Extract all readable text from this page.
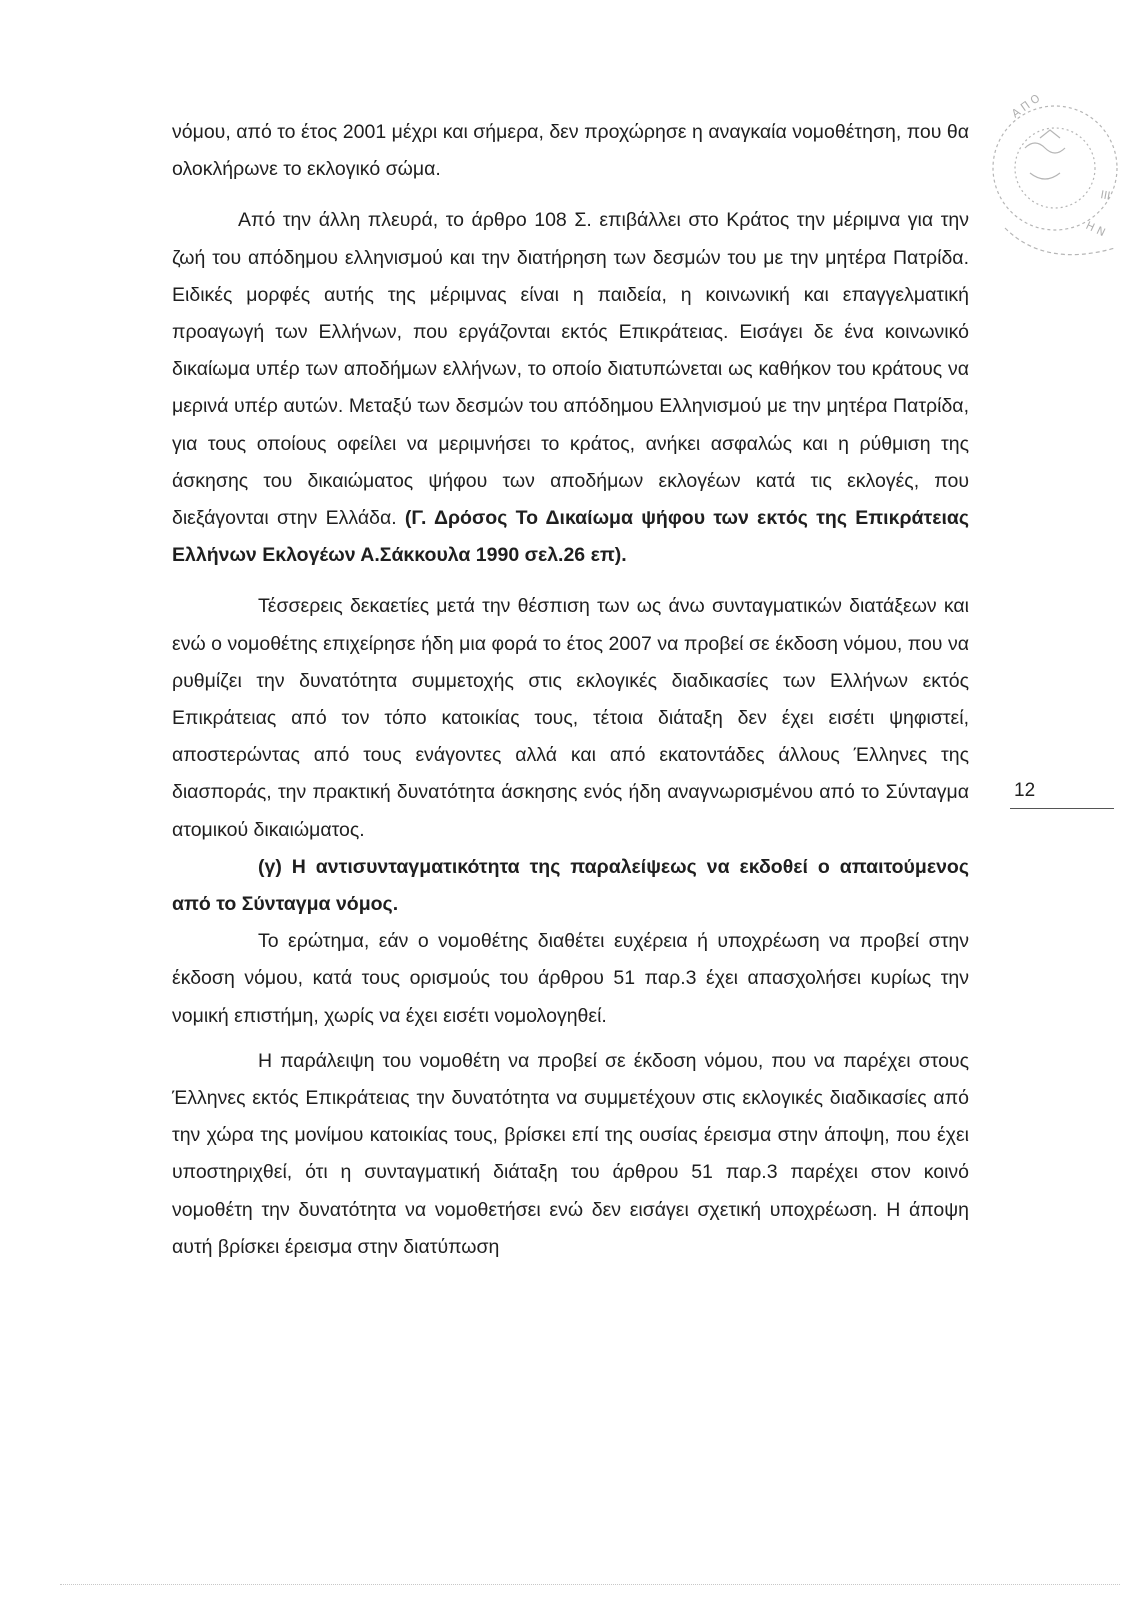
Α Π Ο
Η Ν
ΙΙΙ

νόμου, από το έτος 2001 μέχρι και σήμερα, δεν προχώρησε η αναγκαία νομοθέτηση, που θα ολοκλήρωνε το εκλογικό σώμα.

Από την άλλη πλευρά, το άρθρο 108 Σ. επιβάλλει στο Κράτος την μέριμνα για την ζωή του απόδημου ελληνισμού και την διατήρηση των δεσμών του με την μητέρα Πατρίδα. Ειδικές μορφές αυτής της μέριμνας είναι η παιδεία, η κοινωνική και επαγγελματική προαγωγή των Ελλήνων, που εργάζονται εκτός Επικράτειας. Εισάγει δε ένα κοινωνικό δικαίωμα υπέρ των αποδήμων ελλήνων, το οποίο διατυπώνεται ως καθήκον του κράτους να μερινά υπέρ αυτών. Μεταξύ των δεσμών του απόδημου Ελληνισμού με την μητέρα Πατρίδα, για τους οποίους οφείλει να μεριμνήσει το κράτος, ανήκει ασφαλώς και η ρύθμιση της άσκησης του δικαιώματος ψήφου των αποδήμων εκλογέων κατά τις εκλογές, που διεξάγονται στην Ελλάδα. (Γ. Δρόσος Το Δικαίωμα ψήφου των εκτός της Επικράτειας Ελλήνων Εκλογέων Α.Σάκκουλα 1990 σελ.26 επ).

Τέσσερεις δεκαετίες μετά την θέσπιση των ως άνω συνταγματικών διατάξεων και ενώ ο νομοθέτης επιχείρησε ήδη μια φορά το έτος 2007 να προβεί σε έκδοση νόμου, που να ρυθμίζει την δυνατότητα συμμετοχής στις εκλογικές διαδικασίες των Ελλήνων εκτός Επικράτειας από τον τόπο κατοικίας τους, τέτοια διάταξη δεν έχει εισέτι ψηφιστεί, αποστερώντας από τους ενάγοντες αλλά και από εκατοντάδες άλλους Έλληνες της διασποράς, την πρακτική δυνατότητα άσκησης ενός ήδη αναγνωρισμένου από το Σύνταγμα ατομικού δικαιώματος.

(γ) Η αντισυνταγματικότητα της παραλείψεως να εκδοθεί ο απαιτούμενος από το Σύνταγμα νόμος.

Το ερώτημα, εάν ο νομοθέτης διαθέτει ευχέρεια ή υποχρέωση να προβεί στην έκδοση νόμου, κατά τους ορισμούς του άρθρου 51 παρ.3 έχει απασχολήσει κυρίως την νομική επιστήμη, χωρίς να έχει εισέτι νομολογηθεί.

Η παράλειψη του νομοθέτη να προβεί σε έκδοση νόμου, που να παρέχει στους Έλληνες εκτός Επικράτειας την δυνατότητα να συμμετέχουν στις εκλογικές διαδικασίες από την χώρα της μονίμου κατοικίας τους, βρίσκει επί της ουσίας έρεισμα στην άποψη, που έχει υποστηριχθεί, ότι η συνταγματική διάταξη του άρθρου 51 παρ.3 παρέχει στον κοινό νομοθέτη την δυνατότητα να νομοθετήσει ενώ δεν εισάγει σχετική υποχρέωση. Η άποψη αυτή βρίσκει έρεισμα στην διατύπωση

12
